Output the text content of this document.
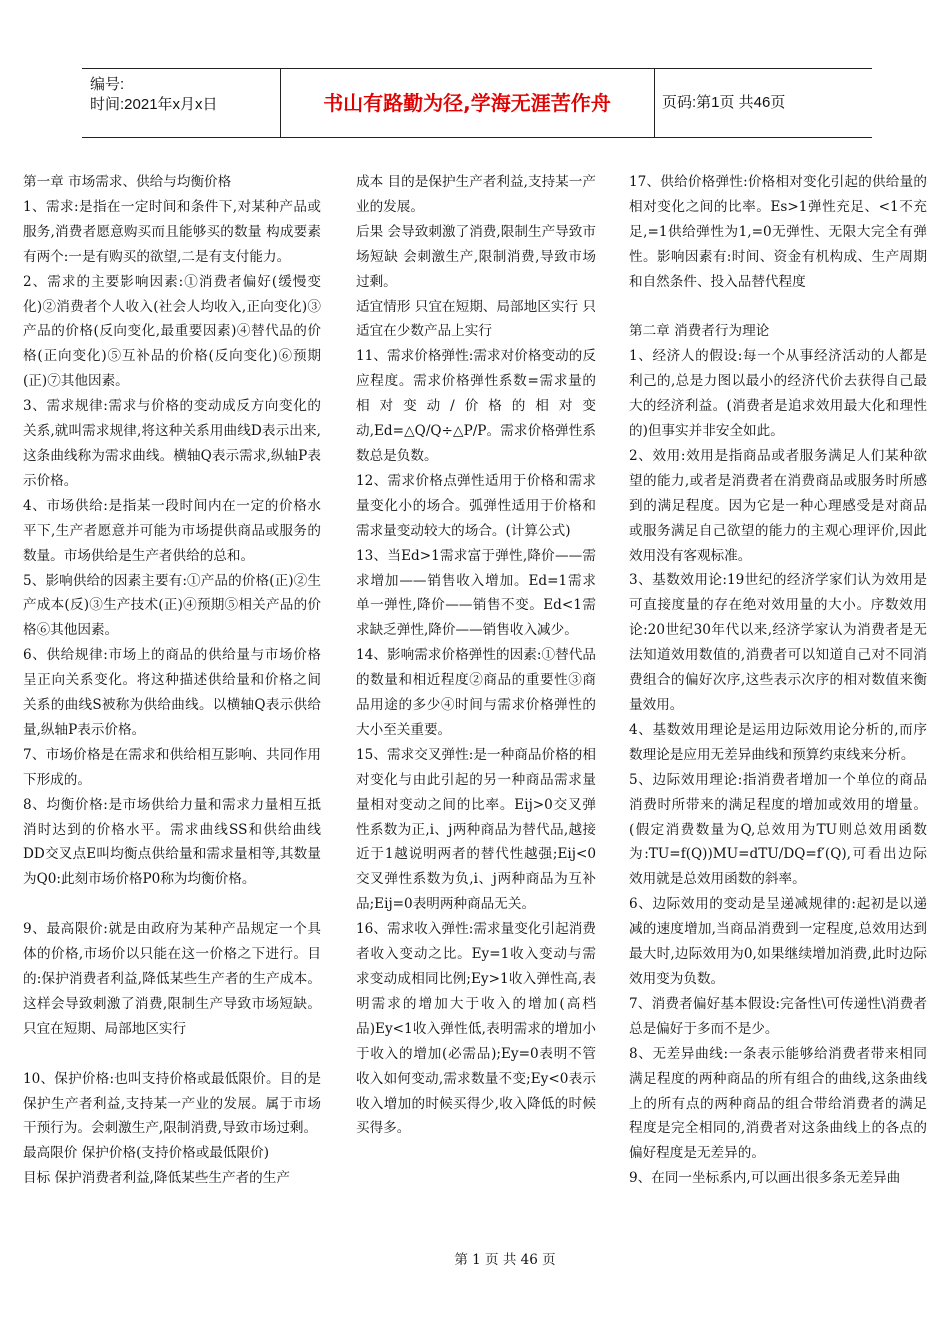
编号:
时间:2021年x月x日	书山有路勤为径,学海无涯苦作舟	页码:第1页 共46页

第一章 市场需求、供给与均衡价格

1、需求:是指在一定时间和条件下,对某种产品或服务,消费者愿意购买而且能够买的数量 构成要素有两个:一是有购买的欲望,二是有支付能力。

2、需求的主要影响因素:①消费者偏好(缓慢变化)②消费者个人收入(社会人均收入,正向变化)③产品的价格(反向变化,最重要因素)④替代品的价格(正向变化)⑤互补品的价格(反向变化)⑥预期(正)⑦其他因素。

3、需求规律:需求与价格的变动成反方向变化的关系,就叫需求规律,将这种关系用曲线D表示出来,这条曲线称为需求曲线。横轴Q表示需求,纵轴P表示价格。

4、市场供给:是指某一段时间内在一定的价格水平下,生产者愿意并可能为市场提供商品或服务的数量。市场供给是生产者供给的总和。

5、影响供给的因素主要有:①产品的价格(正)②生产成本(反)③生产技术(正)④预期⑤相关产品的价格⑥其他因素。

6、供给规律:市场上的商品的供给量与市场价格呈正向关系变化。将这种描述供给量和价格之间关系的曲线S被称为供给曲线。以横轴Q表示供给量,纵轴P表示价格。

7、市场价格是在需求和供给相互影响、共同作用下形成的。

8、均衡价格:是市场供给力量和需求力量相互抵消时达到的价格水平。需求曲线SS和供给曲线DD交叉点E叫均衡点供给量和需求量相等,其数量为Q0:此刻市场价格P0称为均衡价格。

9、最高限价:就是由政府为某种产品规定一个具体的价格,市场价以只能在这一价格之下进行。目的:保护消费者利益,降低某些生产者的生产成本。这样会导致刺激了消费,限制生产导致市场短缺。只宜在短期、局部地区实行

10、保护价格:也叫支持价格或最低限价。目的是保护生产者利益,支持某一产业的发展。属于市场干预行为。会刺激生产,限制消费,导致市场过剩。

最高限价 保护价格(支持价格或最低限价)

目标 保护消费者利益,降低某些生产者的生产

成本 目的是保护生产者利益,支持某一产业的发展。

后果 会导致刺激了消费,限制生产导致市场短缺 会刺激生产,限制消费,导致市场过剩。

适宜情形 只宜在短期、局部地区实行 只适宜在少数产品上实行

11、需求价格弹性:需求对价格变动的反应程度。需求价格弹性系数=需求量的相对变动/价格的相对变动,Ed=△Q/Q÷△P/P。需求价格弹性系数总是负数。

12、需求价格点弹性适用于价格和需求量变化小的场合。弧弹性适用于价格和需求量变动较大的场合。(计算公式)

13、当Ed>1需求富于弹性,降价——需求增加——销售收入增加。Ed=1需求单一弹性,降价——销售不变。Ed<1需求缺乏弹性,降价——销售收入减少。

14、影响需求价格弹性的因素:①替代品的数量和相近程度②商品的重要性③商品用途的多少④时间与需求价格弹性的大小至关重要。

15、需求交叉弹性:是一种商品价格的相对变化与由此引起的另一种商品需求量量相对变动之间的比率。Eij>0交叉弹性系数为正,i、j两种商品为替代品,越接近于1越说明两者的替代性越强;Eij<0交叉弹性系数为负,i、j两种商品为互补品;Eij=0表明两种商品无关。

16、需求收入弹性:需求量变化引起消费者收入变动之比。Ey=1收入变动与需求变动成相同比例;Ey>1收入弹性高,表明需求的增加大于收入的增加(高档品)Ey<1收入弹性低,表明需求的增加小于收入的增加(必需品);Ey=0表明不管收入如何变动,需求数量不变;Ey<0表示收入增加的时候买得少,收入降低的时候买得多。

17、供给价格弹性:价格相对变化引起的供给量的相对变化之间的比率。Es>1弹性充足、<1不充足,=1供给弹性为1,=0无弹性、无限大完全有弹性。影响因素有:时间、资金有机构成、生产周期和自然条件、投入品替代程度

第二章 消费者行为理论

1、经济人的假设:每一个从事经济活动的人都是利己的,总是力图以最小的经济代价去获得自己最大的经济利益。(消费者是追求效用最大化和理性的)但事实并非安全如此。

2、效用:效用是指商品或者服务满足人们某种欲望的能力,或者是消费者在消费商品或服务时所感到的满足程度。因为它是一种心理感受是对商品或服务满足自己欲望的能力的主观心理评价,因此效用没有客观标准。

3、基数效用论:19世纪的经济学家们认为效用是可直接度量的存在绝对效用量的大小。序数效用论:20世纪30年代以来,经济学家认为消费者是无法知道效用数值的,消费者可以知道自己对不同消费组合的偏好次序,这些表示次序的相对数值来衡量效用。

4、基数效用理论是运用边际效用论分析的,而序数理论是应用无差异曲线和预算约束线来分析。

5、边际效用理论:指消费者增加一个单位的商品消费时所带来的满足程度的增加或效用的增量。(假定消费数量为Q,总效用为TU则总效用函数为:TU=f(Q))MU=dTU/DQ=f′(Q),可看出边际效用就是总效用函数的斜率。

6、边际效用的变动是呈递减规律的:起初是以递减的速度增加,当商品消费到一定程度,总效用达到最大时,边际效用为0,如果继续增加消费,此时边际效用变为负数。

7、消费者偏好基本假设:完备性\可传递性\消费者总是偏好于多而不是少。

8、无差异曲线:一条表示能够给消费者带来相同满足程度的两种商品的所有组合的曲线,这条曲线上的所有点的两种商品的组合带给消费者的满足程度是完全相同的,消费者对这条曲线上的各点的偏好程度是无差异的。

9、在同一坐标系内,可以画出很多条无差异曲

第 1 页 共 46 页
